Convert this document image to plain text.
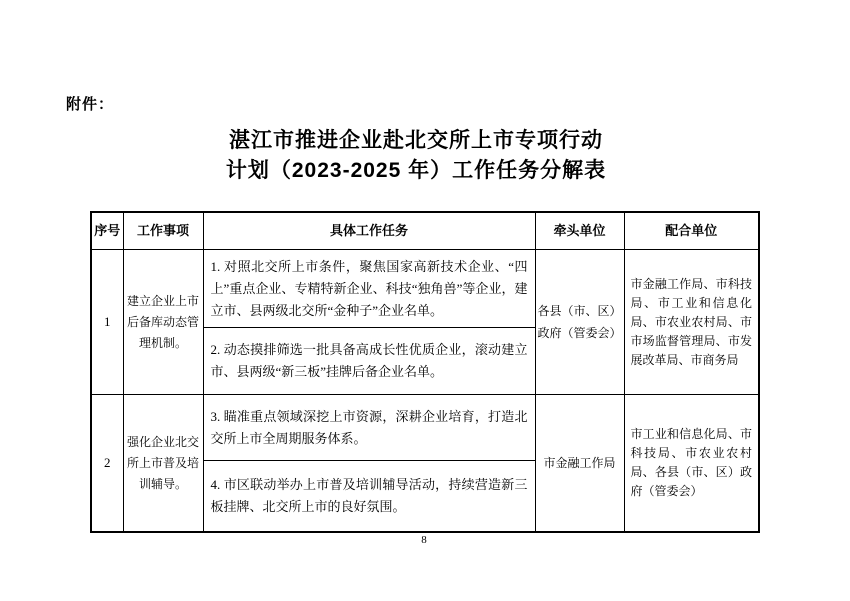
附件：
湛江市推进企业赴北交所上市专项行动
计划（2023-2025 年）工作任务分解表
序号	工作事项	具体工作任务	牵头单位	配合单位
1	建立企业上市后备库动态管理机制。	1. 对照北交所上市条件，聚焦国家高新技术企业、“四上”重点企业、专精特新企业、科技“独角兽”等企业，建立市、县两级北交所“金种子”企业名单。	各县（市、区）政府（管委会）	市金融工作局、市科技局、市工业和信息化局、市农业农村局、市市场监督管理局、市发展改革局、市商务局
		2. 动态摸排筛选一批具备高成长性优质企业，滚动建立市、县两级“新三板”挂牌后备企业名单。		
2	强化企业北交所上市普及培训辅导。	3. 瞄准重点领域深挖上市资源，深耕企业培育，打造北交所上市全周期服务体系。	市金融工作局	市工业和信息化局、市科技局、市农业农村局、各县（市、区）政府（管委会）
		4. 市区联动举办上市普及培训辅导活动，持续营造新三板挂牌、北交所上市的良好氛围。		
8
